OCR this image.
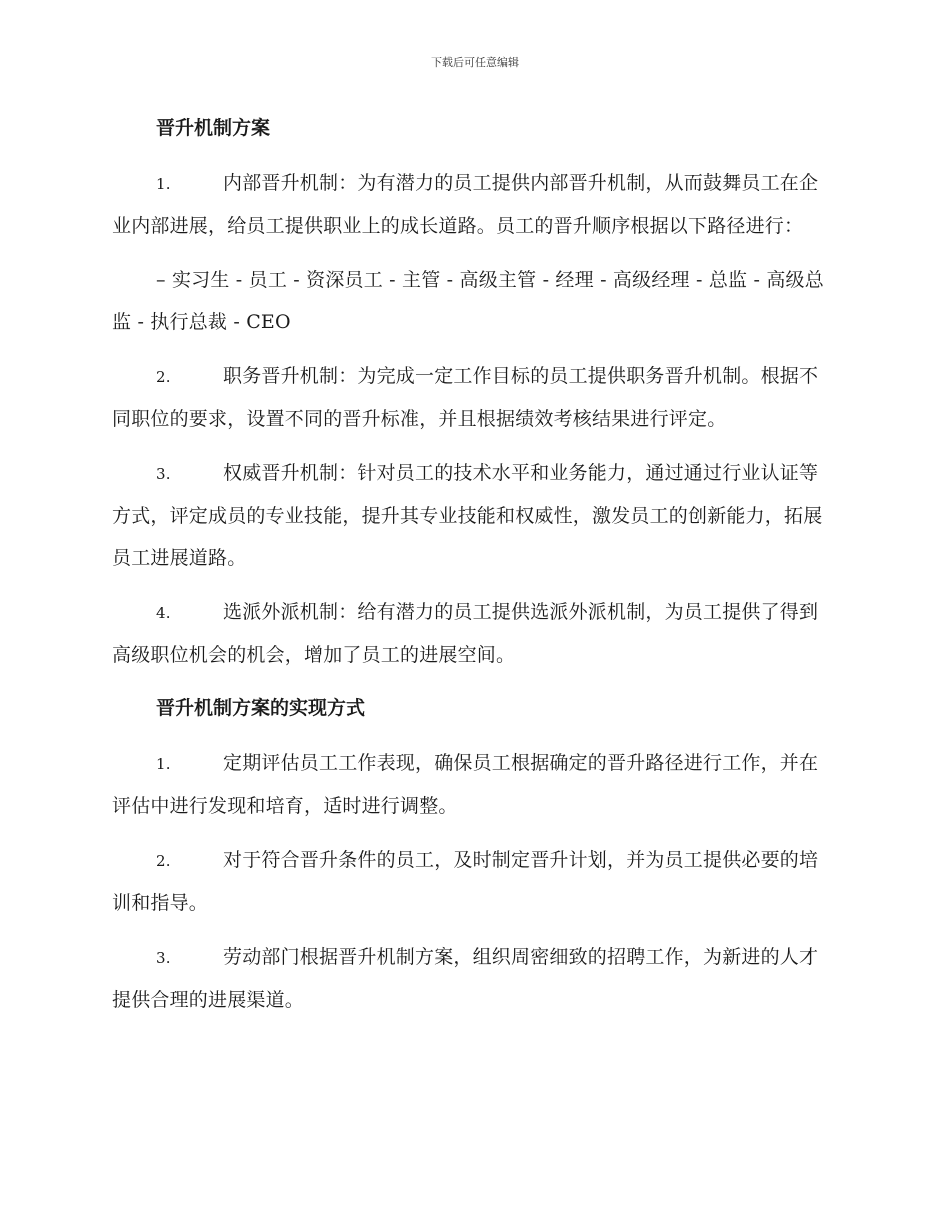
下载后可任意编辑
晋升机制方案

1.	内部晋升机制：为有潜力的员工提供内部晋升机制，从而鼓舞员工在企业内部进展，给员工提供职业上的成长道路。员工的晋升顺序根据以下路径进行：

– 实习生 - 员工 - 资深员工 - 主管 - 高级主管 - 经理 - 高级经理 - 总监 - 高级总监 - 执行总裁 - CEO

2.	职务晋升机制：为完成一定工作目标的员工提供职务晋升机制。根据不同职位的要求，设置不同的晋升标准，并且根据绩效考核结果进行评定。

3.	权威晋升机制：针对员工的技术水平和业务能力，通过通过行业认证等方式，评定成员的专业技能，提升其专业技能和权威性，激发员工的创新能力，拓展员工进展道路。

4.	选派外派机制：给有潜力的员工提供选派外派机制，为员工提供了得到高级职位机会的机会，增加了员工的进展空间。

晋升机制方案的实现方式

1.	定期评估员工工作表现，确保员工根据确定的晋升路径进行工作，并在评估中进行发现和培育，适时进行调整。

2.	对于符合晋升条件的员工，及时制定晋升计划，并为员工提供必要的培训和指导。

3.	劳动部门根据晋升机制方案，组织周密细致的招聘工作，为新进的人才提供合理的进展渠道。
